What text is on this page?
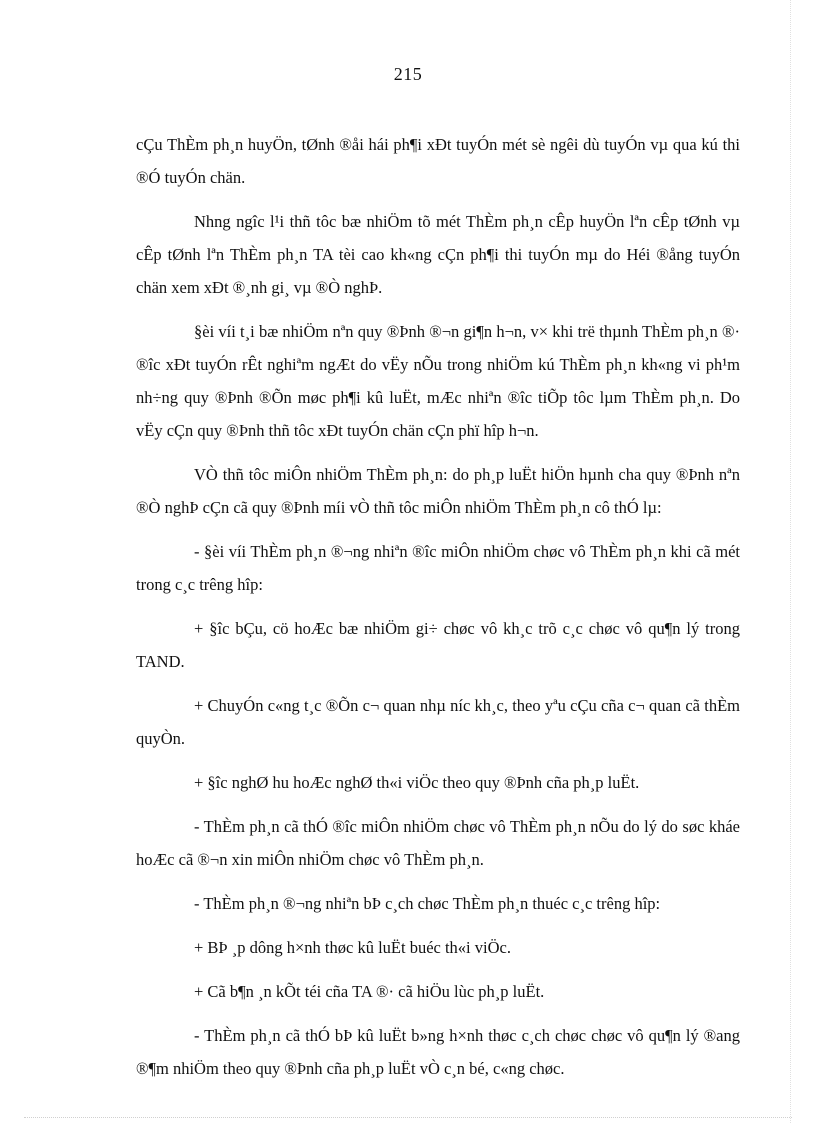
215

cÇu ThÈm ph¸n huyÖn, tØnh ®åi hái ph¶i xÐt tuyÓn mét sè ngêi dù tuyÓn vµ qua kú thi ®Ó tuyÓn chän.

Nhng ngîc l¹i thñ tôc bæ nhiÖm tõ mét ThÈm ph¸n cÊp huyÖn lªn cÊp tØnh vµ cÊp tØnh lªn ThÈm ph¸n TA tèi cao kh«ng cÇn ph¶i thi tuyÓn mµ do Héi ®ång tuyÓn chän xem xÐt ®¸nh gi¸ vµ ®Ò nghÞ.

§èi víi t¸i bæ nhiÖm nªn quy ®Þnh ®¬n gi¶n h¬n, v× khi trë thµnh ThÈm ph¸n ®· ®îc xÐt tuyÓn rÊt nghiªm ngÆt do vËy nÕu trong nhiÖm kú ThÈm ph¸n kh«ng vi ph¹m nh÷ng quy ®Þnh ®Õn møc ph¶i kû luËt, mÆc nhiªn ®îc tiÕp tôc lµm ThÈm ph¸n. Do vËy cÇn quy ®Þnh thñ tôc xÐt tuyÓn chän cÇn phï hîp h¬n.

VÒ thñ tôc miÔn nhiÖm ThÈm ph¸n: do ph¸p luËt hiÖn hµnh cha quy ®Þnh nªn ®Ò nghÞ cÇn cã quy ®Þnh míi vÒ thñ tôc miÔn nhiÖm ThÈm ph¸n cô thÓ lµ:

- §èi víi ThÈm ph¸n ®¬ng nhiªn ®îc miÔn nhiÖm chøc vô ThÈm ph¸n khi cã mét trong c¸c trêng hîp:

+ §îc bÇu, cö hoÆc bæ nhiÖm gi÷ chøc vô kh¸c trõ c¸c chøc vô qu¶n lý trong TAND.

+ ChuyÓn c«ng t¸c ®Õn c¬ quan nhµ níc kh¸c, theo yªu cÇu cña c¬ quan cã thÈm quyÒn.

+ §îc nghØ hu hoÆc nghØ th«i viÖc theo quy ®Þnh cña ph¸p luËt.

- ThÈm ph¸n cã thÓ ®îc miÔn nhiÖm chøc vô ThÈm ph¸n nÕu do lý do søc kháe hoÆc cã ®¬n xin miÔn nhiÖm chøc vô ThÈm ph¸n.

- ThÈm ph¸n ®¬ng nhiªn bÞ c¸ch chøc ThÈm ph¸n thuéc c¸c trêng hîp:

+ BÞ ¸p dông h×nh thøc kû luËt buéc th«i viÖc.

+ Cã b¶n ¸n kÕt téi cña TA ®· cã hiÖu lùc ph¸p luËt.

- ThÈm ph¸n cã thÓ bÞ kû luËt b»ng h×nh thøc c¸ch chøc chøc vô qu¶n lý ®ang ®¶m nhiÖm theo quy ®Þnh cña ph¸p luËt vÒ c¸n bé, c«ng chøc.
